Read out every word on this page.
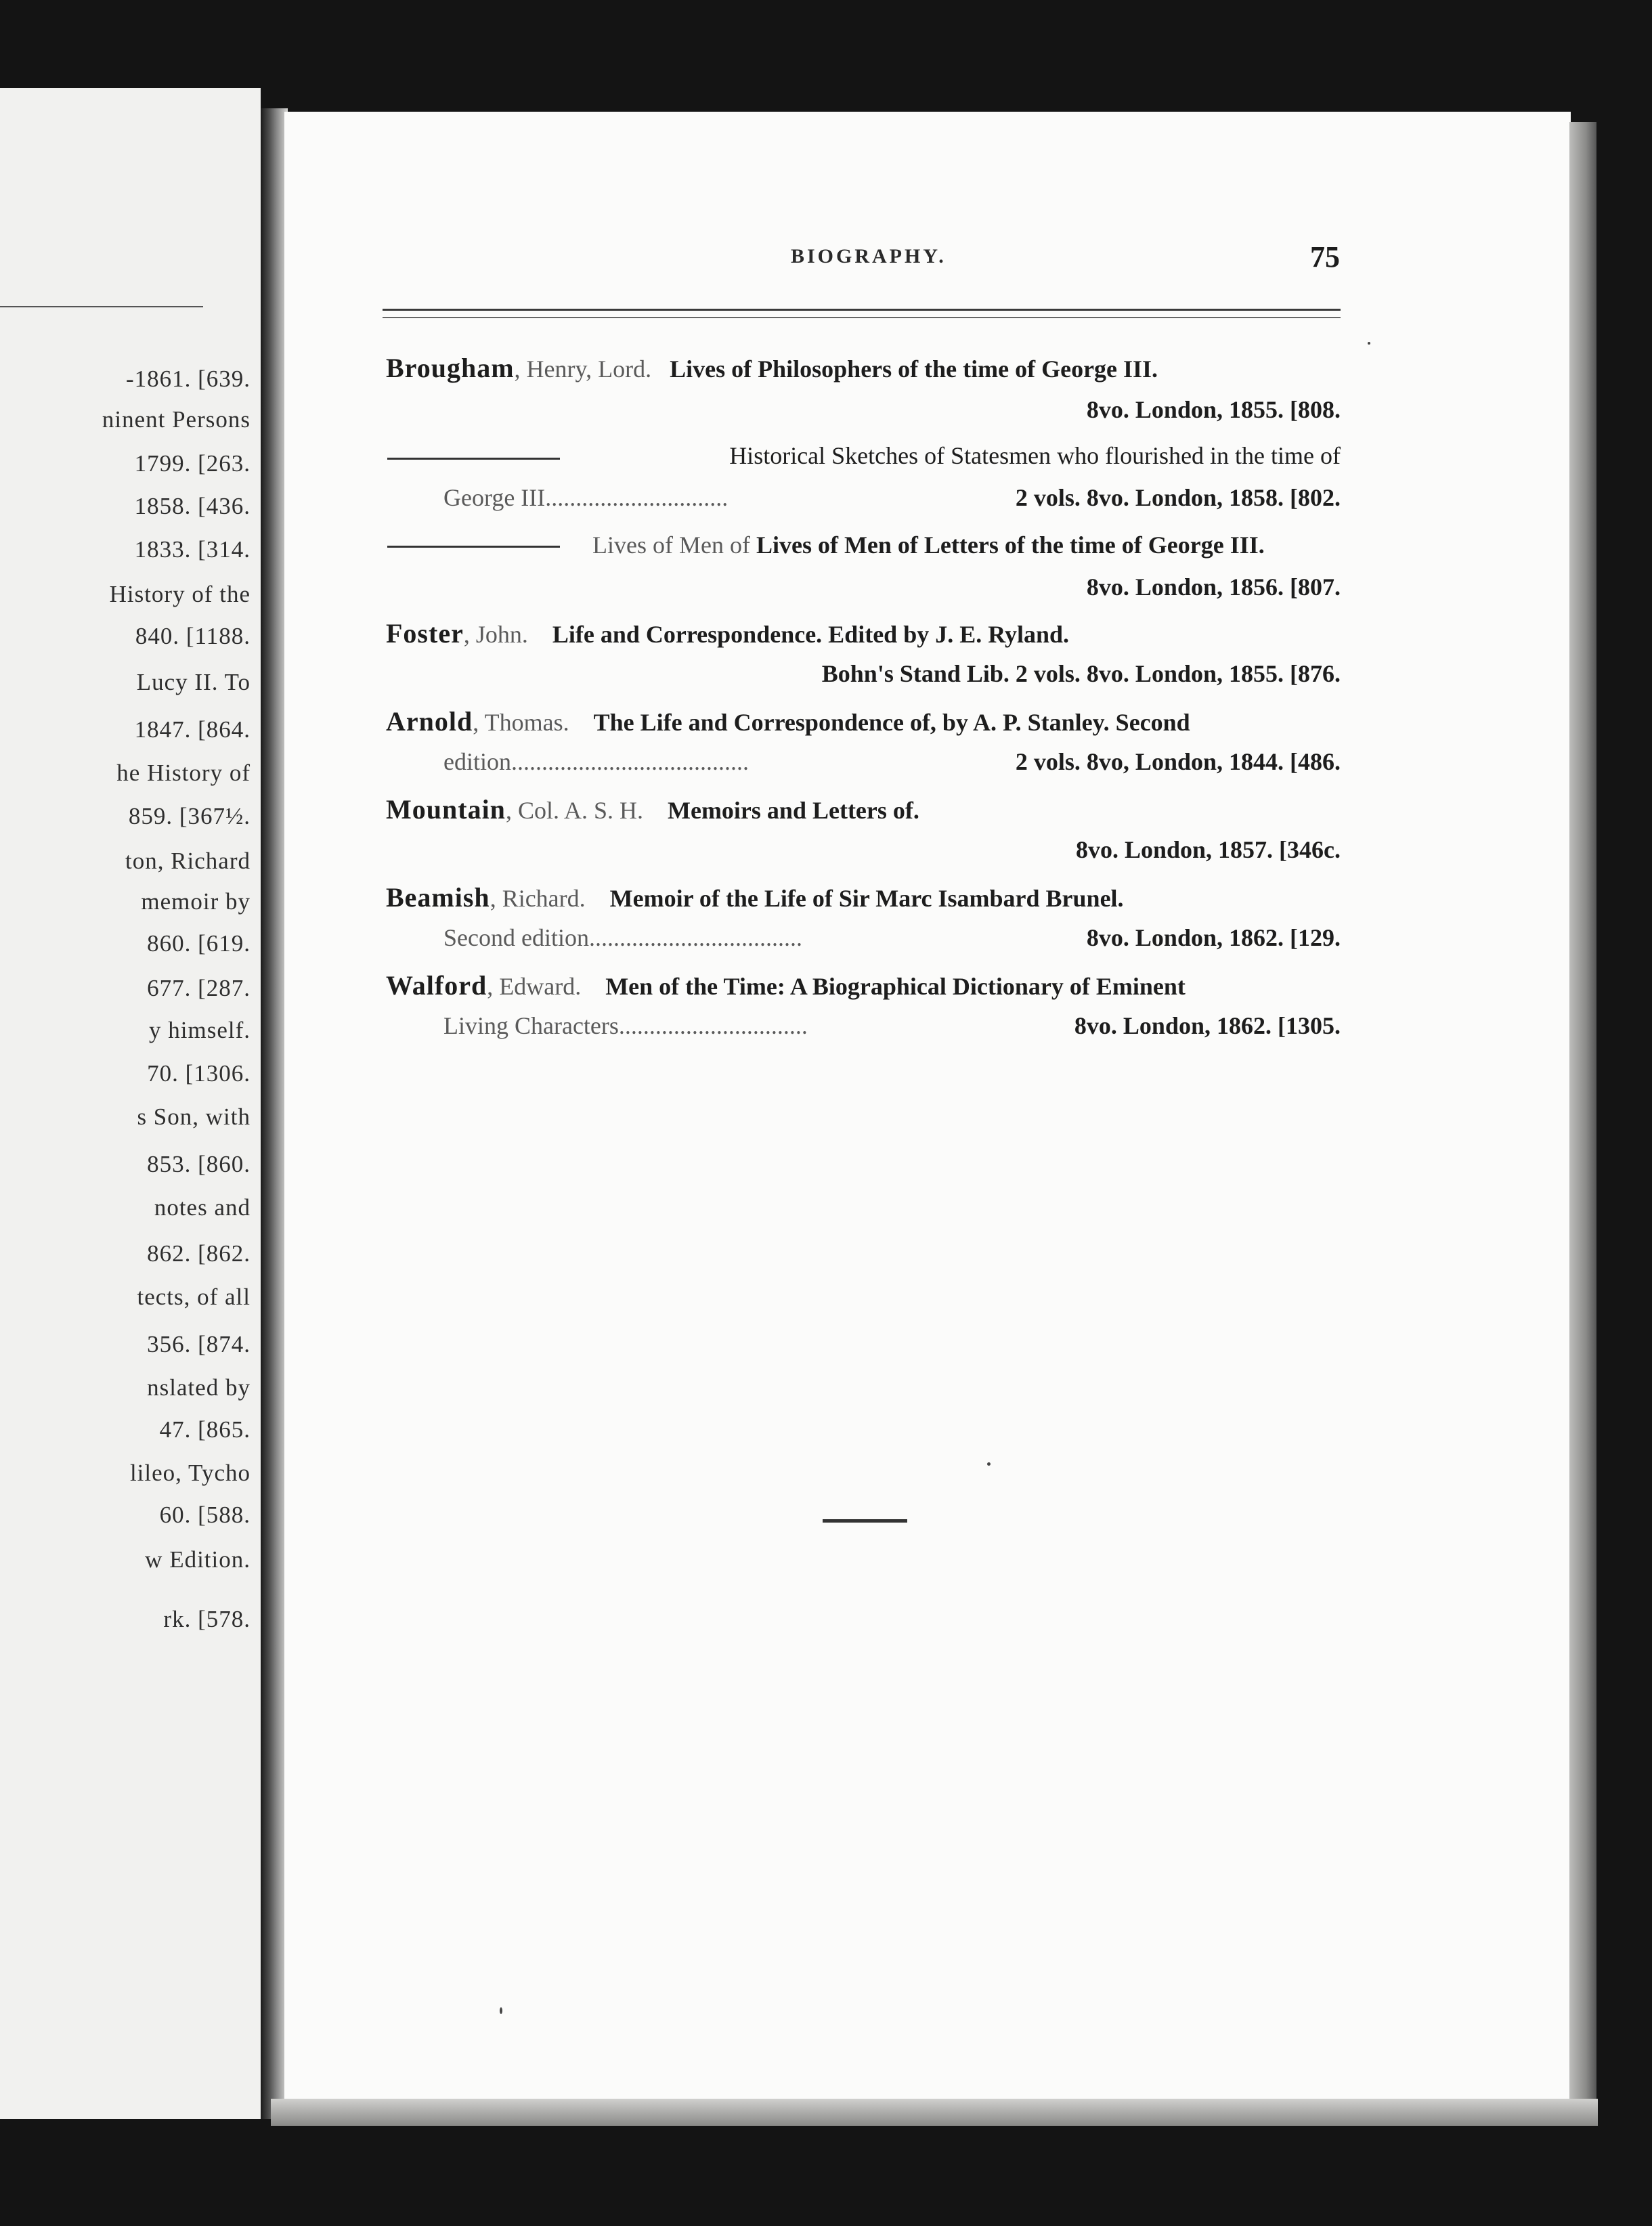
-1861. [639.
ninent Persons
1799. [263.
1858. [436.
1833. [314.
History of the
840. [1188.
Lucy II. To
1847. [864.
he History of
859. [367½.
ton, Richard
memoir by
860. [619.
677. [287.
y himself.
70. [1306.
s Son, with
853. [860.
notes and
862. [862.
tects, of all
356. [874.
nslated by
47. [865.
lileo, Tycho
60. [588.
w Edition.
rk. [578.
BIOGRAPHY.	75
Brougham, Henry, Lord. Lives of Philosophers of the time of George III.
8vo. London, 1855. [808.
Historical Sketches of Statesmen who flourished in the time of
George III..............................	2 vols. 8vo. London, 1858. [802.
Lives of Men of Lives of Men of Letters of the time of George III.
8vo. London, 1856. [807.
Foster, John. Life and Correspondence. Edited by J. E. Ryland.
Bohn's Stand Lib. 2 vols. 8vo. London, 1855. [876.
Arnold, Thomas. The Life and Correspondence of, by A. P. Stanley. Second
edition.......................................	2 vols. 8vo, London, 1844. [486.
Mountain, Col. A. S. H. Memoirs and Letters of.
8vo. London, 1857. [346c.
Beamish, Richard. Memoir of the Life of Sir Marc Isambard Brunel.
Second edition...................................	8vo. London, 1862. [129.
Walford, Edward. Men of the Time: A Biographical Dictionary of Eminent
Living Characters...............................	8vo. London, 1862. [1305.
